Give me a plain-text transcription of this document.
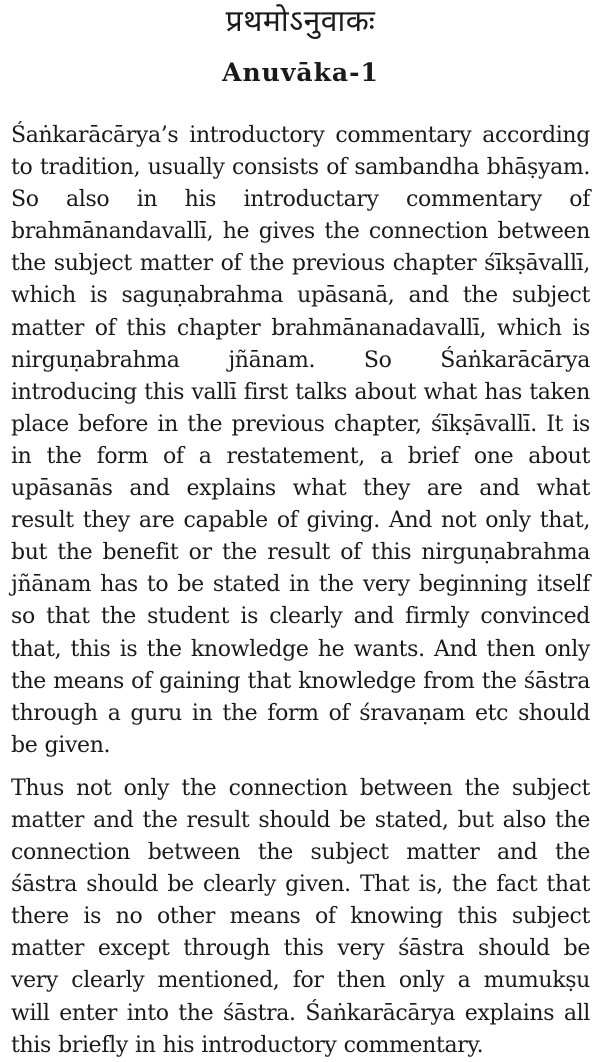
प्रथमोऽनुवाकः
Anuvāka-1

Śaṅkarācārya’s introductory commentary according to tradition, usually consists of sambandha bhāṣyam. So also in his introductary commentary of brahmānandavallī, he gives the connection between the subject matter of the previous chapter śīkṣāvallī, which is saguṇabrahma upāsanā, and the subject matter of this chapter brahmānanadavallī, which is nirguṇabrahma jñānam. So Śaṅkarācārya introducing this vallī first talks about what has taken place before in the previous chapter, śīkṣāvallī. It is in the form of a restatement, a brief one about upāsanās and explains what they are and what result they are capable of giving. And not only that, but the benefit or the result of this nirguṇabrahma jñānam has to be stated in the very beginning itself so that the student is clearly and firmly convinced that, this is the knowledge he wants. And then only the means of gaining that knowledge from the śāstra through a guru in the form of śravaṇam etc should be given.

Thus not only the connection between the subject matter and the result should be stated, but also the connection between the subject matter and the śāstra should be clearly given. That is, the fact that there is no other means of knowing this subject matter except through this very śāstra should be very clearly mentioned, for then only a mumukṣu will enter into the śāstra. Śaṅkarācārya explains all this briefly in his introductory commentary.
